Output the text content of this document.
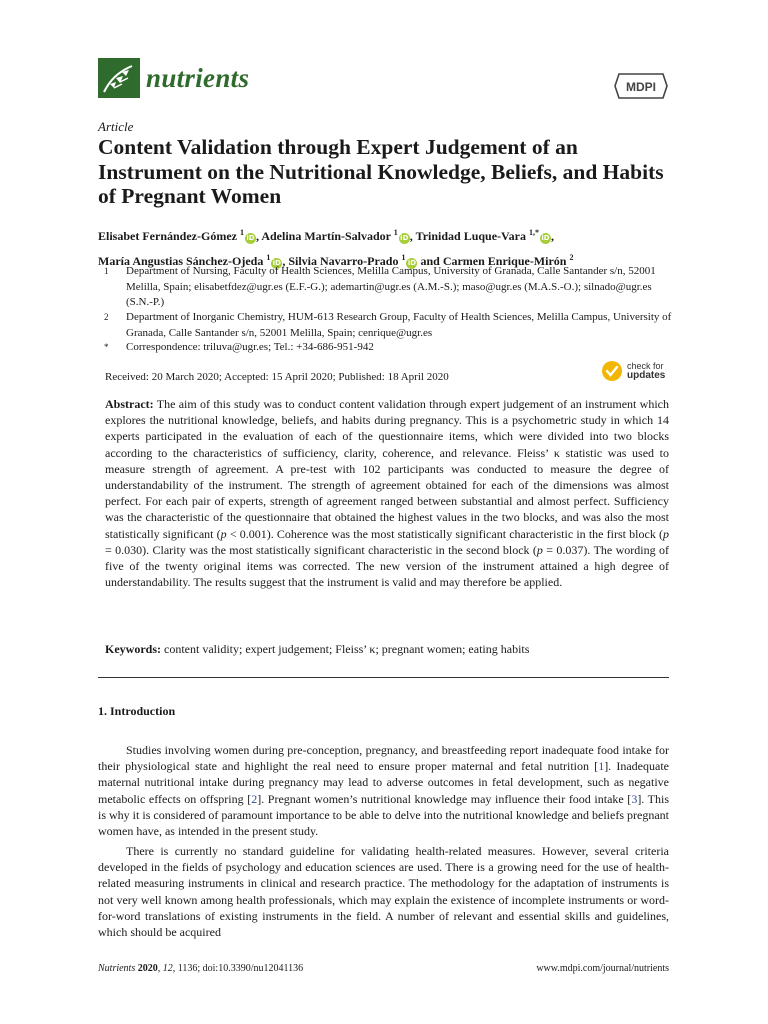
nutrients	MDPI
Article
Content Validation through Expert Judgement of an Instrument on the Nutritional Knowledge, Beliefs, and Habits of Pregnant Women
Elisabet Fernández-Gómez $^1$iD, Adelina Martín-Salvador $^1$iD, Trinidad Luque-Vara $^{1,*}$iD,
María Angustias Sánchez-Ojeda $^1$iD, Silvia Navarro-Prado $^1$iD and Carmen Enrique-Mirón $^2$
1 Department of Nursing, Faculty of Health Sciences, Melilla Campus, University of Granada, Calle Santander s/n, 52001 Melilla, Spain; elisabetfdez@ugr.es (E.F.-G.); ademartin@ugr.es (A.M.-S.); maso@ugr.es (M.A.S.-O.); silnado@ugr.es (S.N.-P.)
2 Department of Inorganic Chemistry, HUM-613 Research Group, Faculty of Health Sciences, Melilla Campus, University of Granada, Calle Santander s/n, 52001 Melilla, Spain; cenrique@ugr.es
* Correspondence: triluva@ugr.es; Tel.: +34-686-951-942
Received: 20 March 2020; Accepted: 15 April 2020; Published: 18 April 2020
check for
updates

Abstract: The aim of this study was to conduct content validation through expert judgement of an instrument which explores the nutritional knowledge, beliefs, and habits during pregnancy. This is a psychometric study in which 14 experts participated in the evaluation of each of the questionnaire items, which were divided into two blocks according to the characteristics of sufficiency, clarity, coherence, and relevance. Fleiss’ κ statistic was used to measure strength of agreement. A pre-test with 102 participants was conducted to measure the degree of understandability of the instrument. The strength of agreement obtained for each of the dimensions was almost perfect. For each pair of experts, strength of agreement ranged between substantial and almost perfect. Sufficiency was the characteristic of the questionnaire that obtained the highest values in the two blocks, and was also the most statistically significant (p < 0.001). Coherence was the most statistically significant characteristic in the first block (p = 0.030). Clarity was the most statistically significant characteristic in the second block (p = 0.037). The wording of five of the twenty original items was corrected. The new version of the instrument attained a high degree of understandability. The results suggest that the instrument is valid and may therefore be applied.

Keywords: content validity; expert judgement; Fleiss’ κ; pregnant women; eating habits

1. Introduction

Studies involving women during pre-conception, pregnancy, and breastfeeding report inadequate food intake for their physiological state and highlight the real need to ensure proper maternal and fetal nutrition [1]. Inadequate maternal nutritional intake during pregnancy may lead to adverse outcomes in fetal development, such as negative metabolic effects on offspring [2]. Pregnant women’s nutritional knowledge may influence their food intake [3]. This is why it is considered of paramount importance to be able to delve into the nutritional knowledge and beliefs pregnant women have, as intended in the present study.

There is currently no standard guideline for validating health-related measures. However, several criteria developed in the fields of psychology and education sciences are used. There is a growing need for the use of health-related measuring instruments in clinical and research practice. The methodology for the adaptation of instruments is not very well known among health professionals, which may explain the existence of incomplete instruments or word-for-word translations of existing instruments in the field. A number of relevant and essential skills and guidelines, which should be acquired

Nutrients 2020, 12, 1136; doi:10.3390/nu12041136	www.mdpi.com/journal/nutrients
